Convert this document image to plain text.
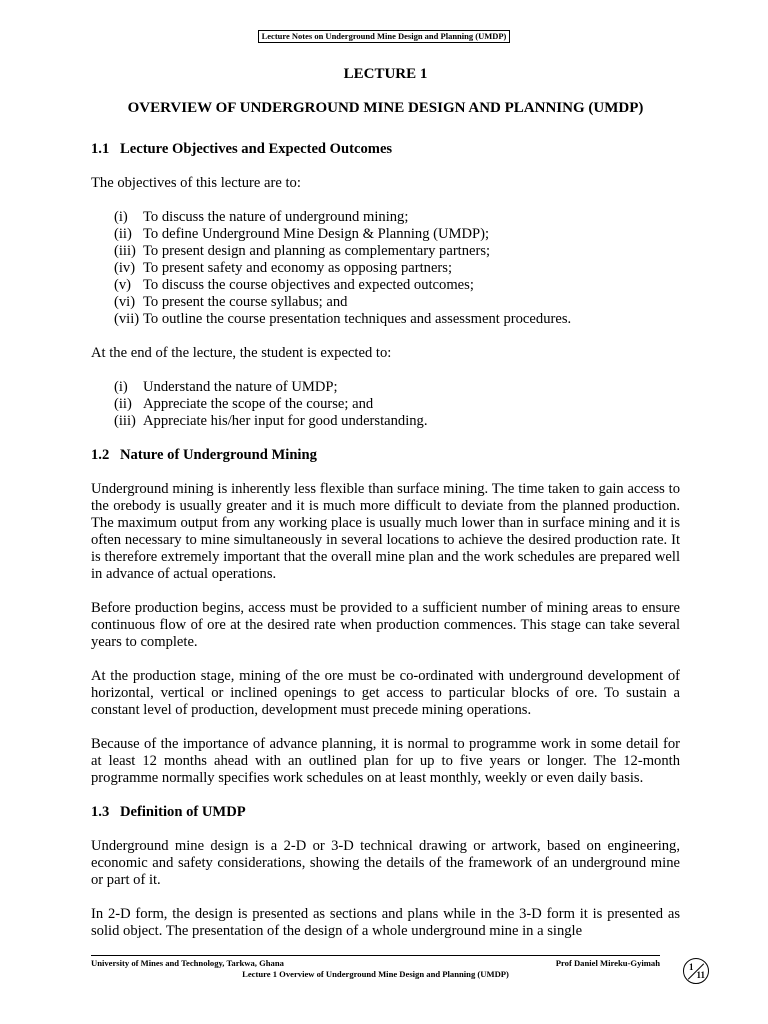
Lecture Notes on Underground Mine Design and Planning (UMDP)

LECTURE 1

OVERVIEW OF UNDERGROUND MINE DESIGN AND PLANNING (UMDP)

1.1 Lecture Objectives and Expected Outcomes

The objectives of this lecture are to:

(i)	To discuss the nature of underground mining;
(ii) To define Underground Mine Design & Planning (UMDP);
(iii) To present design and planning as complementary partners;
(iv) To present safety and economy as opposing partners;
(v) To discuss the course objectives and expected outcomes;
(vi) To present the course syllabus; and
(vii) To outline the course presentation techniques and assessment procedures.

At the end of the lecture, the student is expected to:

(i)	Understand the nature of UMDP;
(ii) Appreciate the scope of the course; and
(iii) Appreciate his/her input for good understanding.
1.2 Nature of Underground Mining

Underground mining is inherently less flexible than surface mining. The time taken to gain access to the orebody is usually greater and it is much more difficult to deviate from the planned production. The maximum output from any working place is usually much lower than in surface mining and it is often necessary to mine simultaneously in several locations to achieve the desired production rate. It is therefore extremely important that the overall mine plan and the work schedules are prepared well in advance of actual operations.

Before production begins, access must be provided to a sufficient number of mining areas to ensure continuous flow of ore at the desired rate when production commences. This stage can take several years to complete.

At the production stage, mining of the ore must be co-ordinated with underground development of horizontal, vertical or inclined openings to get access to particular blocks of ore. To sustain a constant level of production, development must precede mining operations.

Because of the importance of advance planning, it is normal to programme work in some detail for at least 12 months ahead with an outlined plan for up to five years or longer. The 12-month programme normally specifies work schedules on at least monthly, weekly or even daily basis.

1.3 Definition of UMDP

Underground mine design is a 2-D or 3-D technical drawing or artwork, based on engineering, economic and safety considerations, showing the details of the framework of an underground mine or part of it.

In 2-D form, the design is presented as sections and plans while in the 3-D form it is presented as solid object. The presentation of the design of a whole underground mine in a single

University of Mines and Technology, Tarkwa, Ghana	Prof Daniel Mireku-Gyimah
Lecture 1 Overview of Underground Mine Design and Planning (UMDP)
1
11
